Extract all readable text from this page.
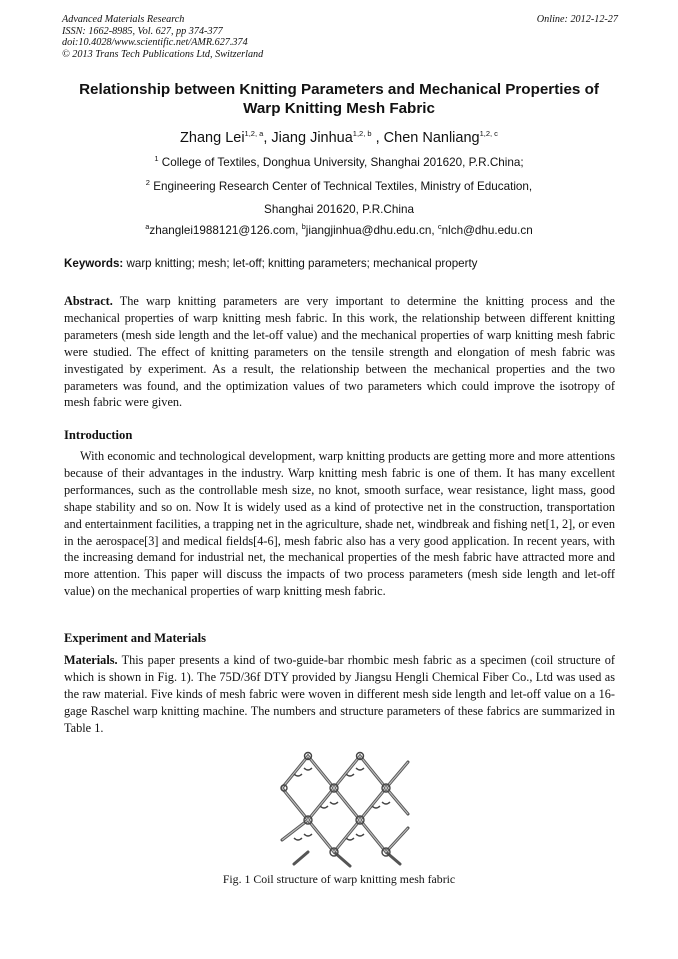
Advanced Materials Research
ISSN: 1662-8985, Vol. 627, pp 374-377
doi:10.4028/www.scientific.net/AMR.627.374
© 2013 Trans Tech Publications Ltd, Switzerland
Online: 2012-12-27
Relationship between Knitting Parameters and Mechanical Properties of
Warp Knitting Mesh Fabric
Zhang Lei$^{1,2, a}$, Jiang Jinhua$^{1,2, b}$ , Chen Nanliang$^{1,2, c}$
$^1$ College of Textiles, Donghua University, Shanghai 201620, P.R.China;
$^2$ Engineering Research Center of Technical Textiles, Ministry of Education,
Shanghai 201620, P.R.China
$^a$zhanglei1988121@126.com, $^b$jiangjinhua@dhu.edu.cn, $^c$nlch@dhu.edu.cn
Keywords: warp knitting; mesh; let-off; knitting parameters; mechanical property
Abstract. The warp knitting parameters are very important to determine the knitting process and the mechanical properties of warp knitting mesh fabric. In this work, the relationship between different knitting parameters (mesh side length and the let-off value) and the mechanical properties of warp knitting mesh fabric were studied. The effect of knitting parameters on the tensile strength and elongation of mesh fabric was investigated by experiment. As a result, the relationship between the mechanical properties and the two parameters was found, and the optimization values of two parameters which could improve the isotropy of mesh fabric were given.
Introduction
With economic and technological development, warp knitting products are getting more and more attentions because of their advantages in the industry. Warp knitting mesh fabric is one of them. It has many excellent performances, such as the controllable mesh size, no knot, smooth surface, wear resistance, light mass, good shape stability and so on. Now It is widely used as a kind of protective net in the construction, transportation and entertainment facilities, a trapping net in the agriculture, shade net, windbreak and fishing net[1, 2], or even in the aerospace[3] and medical fields[4-6], mesh fabric also has a very good application. In recent years, with the increasing demand for industrial net, the mechanical properties of the mesh fabric have attracted more and more attention. This paper will discuss the impacts of two process parameters (mesh side length and let-off value) on the mechanical properties of warp knitting mesh fabric.
Experiment and Materials
Materials. This paper presents a kind of two-guide-bar rhombic mesh fabric as a specimen (coil structure of which is shown in Fig. 1). The 75D/36f DTY provided by Jiangsu Hengli Chemical Fiber Co., Ltd was used as the raw material. Five kinds of mesh fabric were woven in different mesh side length and let-off value on a 16-gage Raschel warp knitting machine. The numbers and structure parameters of these fabrics are summarized in Table 1.
Fig. 1 Coil structure of warp knitting mesh fabric
